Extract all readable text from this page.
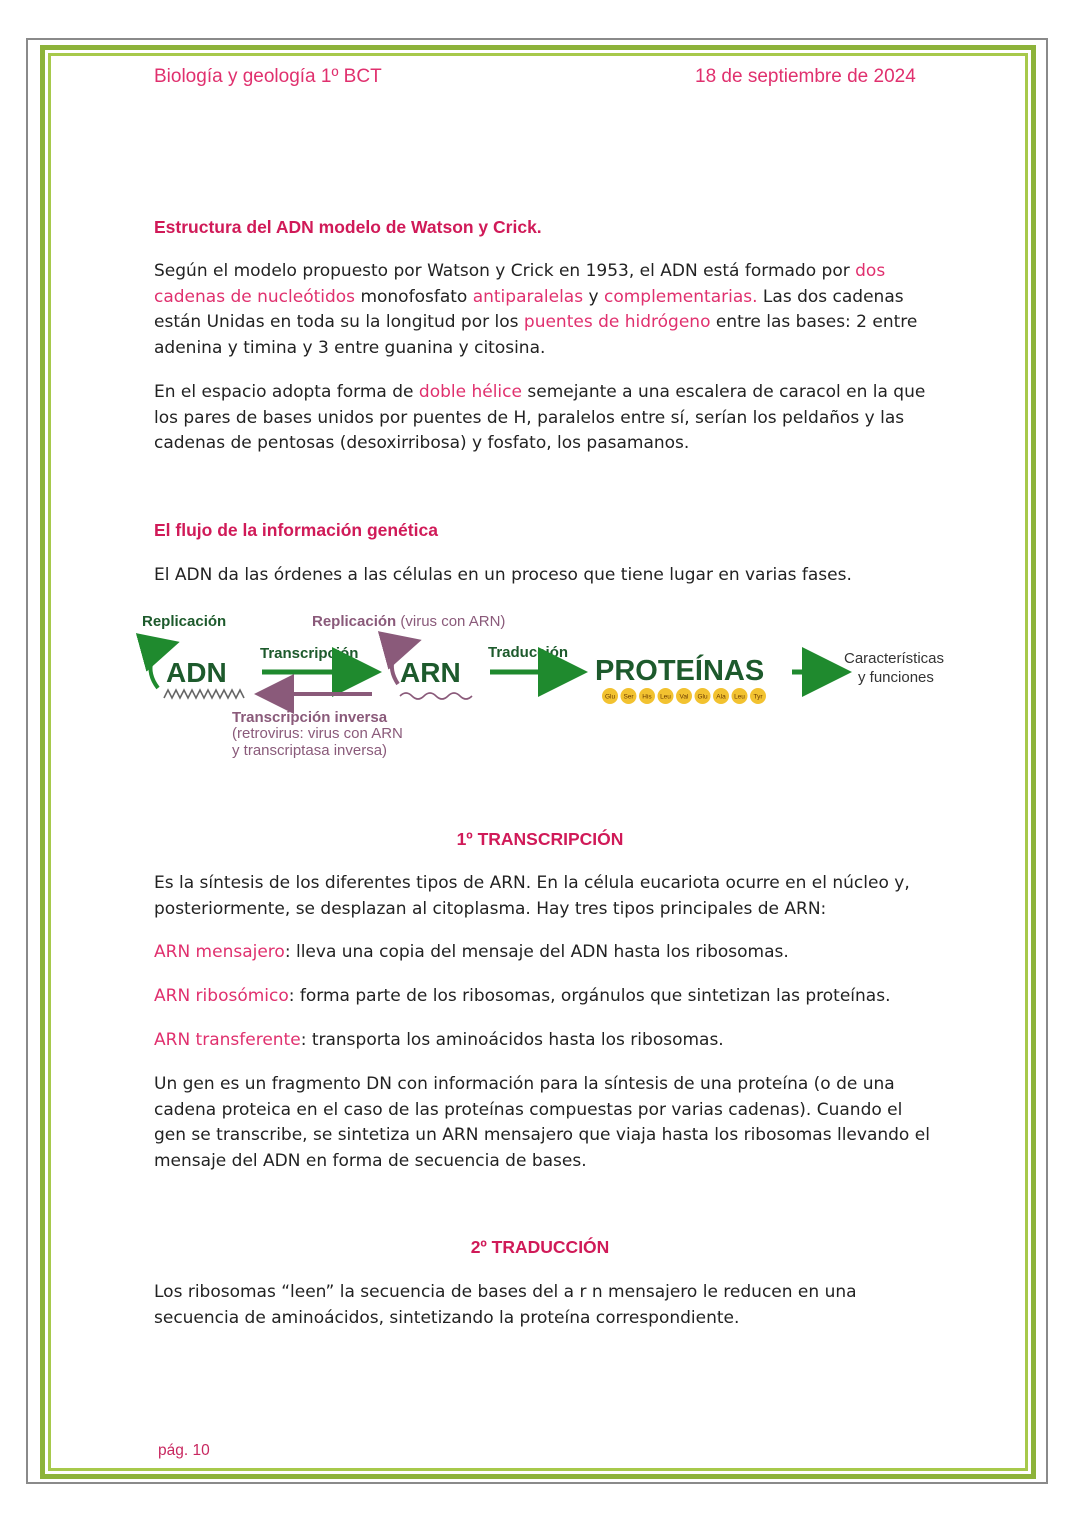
Biología y geología 1º BCT	18 de septiembre de 2024
Estructura del ADN modelo de Watson y Crick.
Según el modelo propuesto por Watson y Crick en 1953, el ADN está formado por dos cadenas de nucleótidos monofosfato antiparalelas y complementarias. Las dos cadenas están Unidas en toda su la longitud por los puentes de hidrógeno entre las bases: 2 entre adenina y timina y 3 entre guanina y citosina.
En el espacio adopta forma de doble hélice semejante a una escalera de caracol en la que los pares de bases unidos por puentes de H, paralelos entre sí, serían los peldaños y las cadenas de pentosas (desoxirribosa) y fosfato, los pasamanos.
El flujo de la información genética
El ADN da las órdenes a las células en un proceso que tiene lugar en varias fases.
Replicación	Replicación (virus con ARN)
ADN
Transcripción
ARN
Traducción
PROTEÍNAS
Glu Ser His Leu Val Glu Ala Leu Tyr
Características
y funciones
Transcripción inversa
(retrovirus: virus con ARN
y transcriptasa inversa)
1º TRANSCRIPCIÓN
Es la síntesis de los diferentes tipos de ARN. En la célula eucariota ocurre en el núcleo y, posteriormente, se desplazan al citoplasma. Hay tres tipos principales de ARN:
ARN mensajero: lleva una copia del mensaje del ADN hasta los ribosomas.
ARN ribosómico: forma parte de los ribosomas, orgánulos que sintetizan las proteínas.
ARN transferente: transporta los aminoácidos hasta los ribosomas.
Un gen es un fragmento DN con información para la síntesis de una proteína (o de una cadena proteica en el caso de las proteínas compuestas por varias cadenas). Cuando el gen se transcribe, se sintetiza un ARN mensajero que viaja hasta los ribosomas llevando el mensaje del ADN en forma de secuencia de bases.
2º TRADUCCIÓN
Los ribosomas “leen” la secuencia de bases del a r n mensajero le reducen en una secuencia de aminoácidos, sintetizando la proteína correspondiente.
pág. 10
